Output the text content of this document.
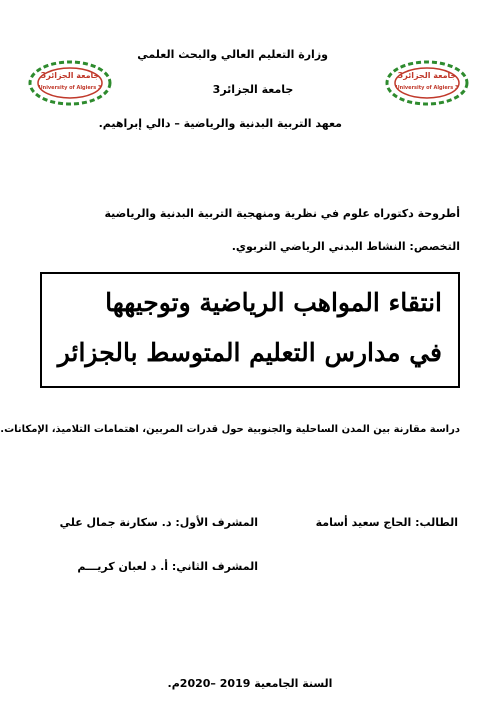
جامعة الجزائر3
University of Algiers 3
جامعة الجزائر3
University of Algiers 3
وزارة التعليم العالي والبحث العلمي
جامعة الجزائر3
معهد التربية البدنية والرياضية – دالي إبراهيم.
أطروحة دكتوراه علوم في نظرية ومنهجية التربية البدنية والرياضية
التخصص: النشاط البدني الرياضي التربوي.
انتقاء المواهب الرياضية وتوجيهها
في مدارس التعليم المتوسط بالجزائر
دراسة مقارنة بين المدن الساحلية والجنوبية حول قدرات المربين، اهتمامات التلاميذ، الإمكانات.
الطالب: الحاج سعيد أسامة
المشرف الأول: د. سكارنة جمال علي
المشرف الثاني: أ. د لعبان كريـــم
السنة الجامعية 2019 –2020م.
